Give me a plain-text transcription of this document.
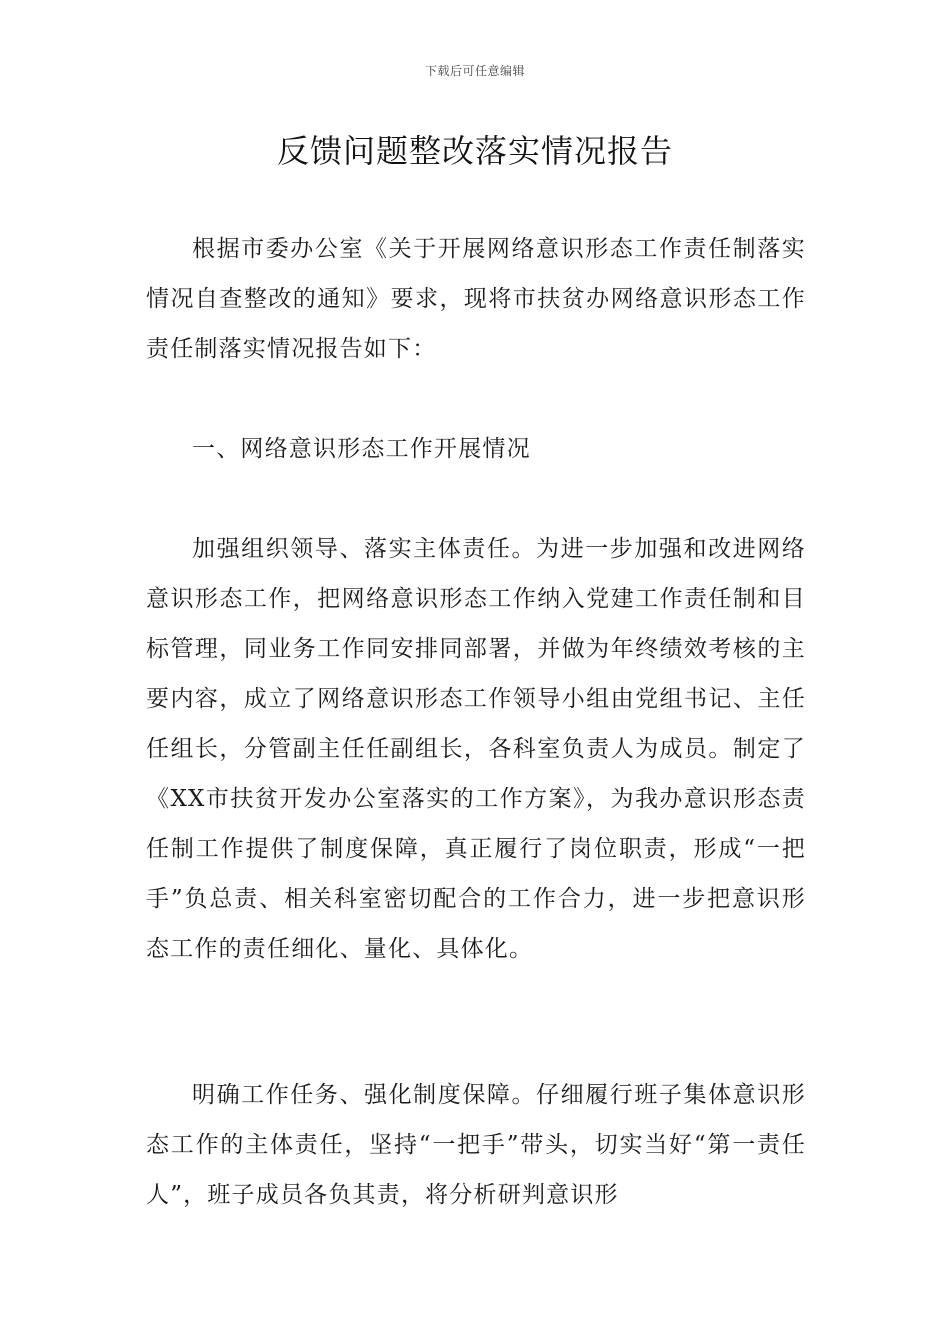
下载后可任意编辑
反馈问题整改落实情况报告

根据市委办公室《关于开展网络意识形态工作责任制落实情况自查整改的通知》要求，现将市扶贫办网络意识形态工作责任制落实情况报告如下：

一、网络意识形态工作开展情况

加强组织领导、落实主体责任。为进一步加强和改进网络意识形态工作，把网络意识形态工作纳入党建工作责任制和目标管理，同业务工作同安排同部署，并做为年终绩效考核的主要内容，成立了网络意识形态工作领导小组由党组书记、主任任组长，分管副主任任副组长，各科室负责人为成员。制定了《XX市扶贫开发办公室落实的工作方案》，为我办意识形态责任制工作提供了制度保障，真正履行了岗位职责，形成“一把手”负总责、相关科室密切配合的工作合力，进一步把意识形态工作的责任细化、量化、具体化。

明确工作任务、强化制度保障。仔细履行班子集体意识形态工作的主体责任，坚持“一把手”带头，切实当好“第一责任人”，班子成员各负其责，将分析研判意识形
